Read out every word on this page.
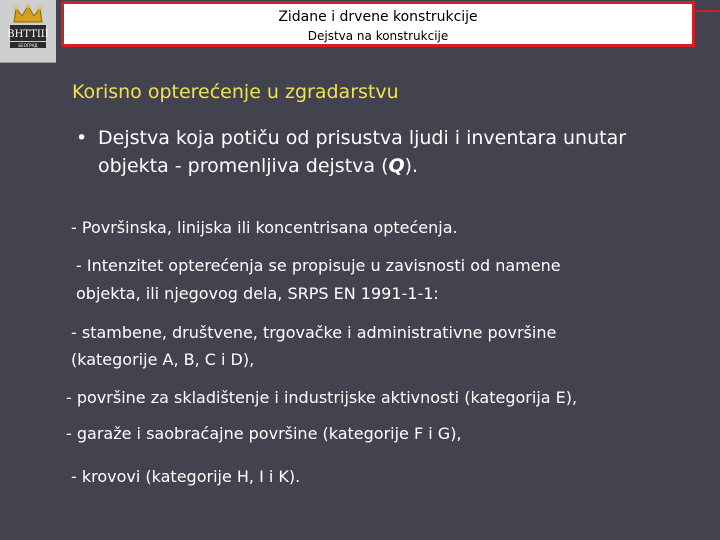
BHTTIII
БЕОГРАД
Zidane i drvene konstrukcije
Dejstva na konstrukcije
Korisno opterećenje u zgradarstvu
• Dejstva koja potiču od prisustva ljudi i inventara unutar objekta - promenljiva dejstva (Q).
- Površinska, linijska ili koncentrisana optećenja.
- Intenzitet opterećenja se propisuje u zavisnosti od namene
objekta, ili njegovog dela, SRPS EN 1991-1-1:
- stambene, društvene, trgovačke i administrativne površine
(kategorije A, B, C i D),
- površine za skladištenje i industrijske aktivnosti (kategorija E),
- garaže i saobraćajne površine (kategorije F i G),
- krovovi (kategorije H, I i K).
